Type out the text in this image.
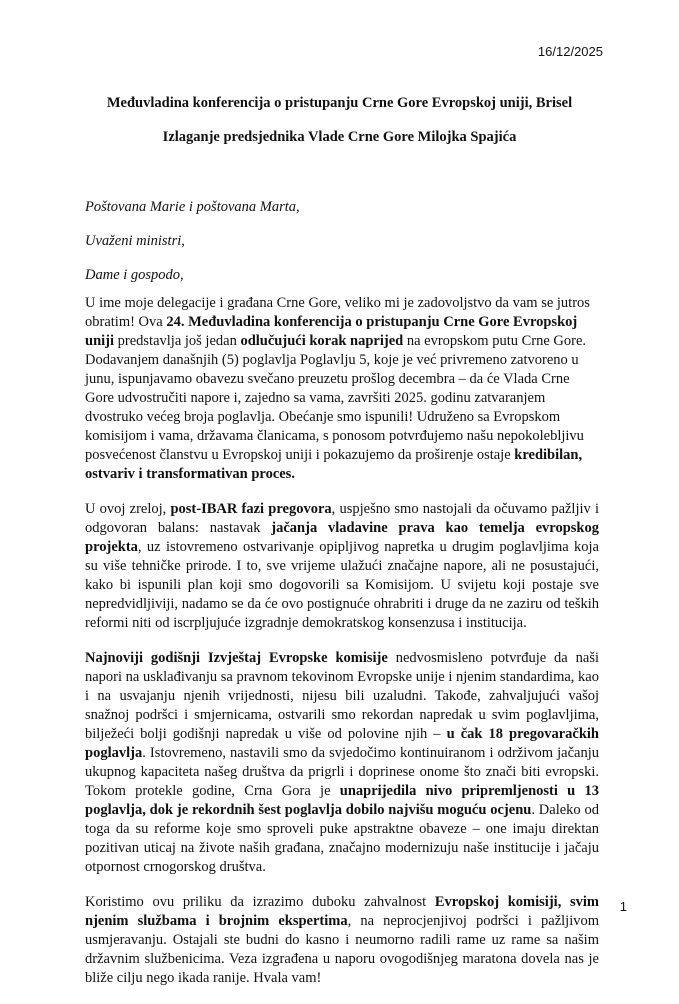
16/12/2025
Međuvladina konferencija o pristupanju Crne Gore Evropskoj uniji, Brisel
Izlaganje predsjednika Vlade Crne Gore Milojka Spajića
Poštovana Marie i poštovana Marta,
Uvaženi ministri,
Dame i gospodo,

U ime moje delegacije i građana Crne Gore, veliko mi je zadovoljstvo da vam se jutros obratim! Ova 24. Međuvladina konferencija o pristupanju Crne Gore Evropskoj uniji predstavlja još jedan odlučujući korak naprijed na evropskom putu Crne Gore. Dodavanjem današnjih (5) poglavlja Poglavlju 5, koje je već privremeno zatvoreno u junu, ispunjavamo obavezu svečano preuzetu prošlog decembra – da će Vlada Crne Gore udvostručiti napore i, zajedno sa vama, završiti 2025. godinu zatvaranjem dvostruko većeg broja poglavlja. Obećanje smo ispunili! Udruženo sa Evropskom komisijom i vama, državama članicama, s ponosom potvrđujemo našu nepokolebljivu posvećenost članstvu u Evropskoj uniji i pokazujemo da proširenje ostaje kredibilan, ostvariv i transformativan proces.

U ovoj zreloj, post-IBAR fazi pregovora, uspješno smo nastojali da očuvamo pažljiv i odgovoran balans: nastavak jačanja vladavine prava kao temelja evropskog projekta, uz istovremeno ostvarivanje opipljivog napretka u drugim poglavljima koja su više tehničke prirode. I to, sve vrijeme ulažući značajne napore, ali ne posustajući, kako bi ispunili plan koji smo dogovorili sa Komisijom. U svijetu koji postaje sve nepredvidljiviji, nadamo se da će ovo postignuće ohrabriti i druge da ne zaziru od teških reformi niti od iscrpljujuće izgradnje demokratskog konsenzusa i institucija.

Najnoviji godišnji Izvještaj Evropske komisije nedvosmisleno potvrđuje da naši napori na usklađivanju sa pravnom tekovinom Evropske unije i njenim standardima, kao i na usvajanju njenih vrijednosti, nijesu bili uzaludni. Takođe, zahvaljujući vašoj snažnoj podršci i smjernicama, ostvarili smo rekordan napredak u svim poglavljima, bilježeći bolji godišnji napredak u više od polovine njih – u čak 18 pregovaračkih poglavlja. Istovremeno, nastavili smo da svjedočimo kontinuiranom i održivom jačanju ukupnog kapaciteta našeg društva da prigrli i doprinese onome što znači biti evropski. Tokom protekle godine, Crna Gora je unaprijedila nivo pripremljenosti u 13 poglavlja, dok je rekordnih šest poglavlja dobilo najvišu moguću ocjenu. Daleko od toga da su reforme koje smo sproveli puke apstraktne obaveze – one imaju direktan pozitivan uticaj na živote naših građana, značajno modernizuju naše institucije i jačaju otpornost crnogorskog društva.

Koristimo ovu priliku da izrazimo duboku zahvalnost Evropskoj komisiji, svim njenim službama i brojnim ekspertima, na neprocjenjivoj podršci i pažljivom usmjeravanju. Ostajali ste budni do kasno i neumorno radili rame uz rame sa našim državnim službenicima. Veza izgrađena u naporu ovogodišnjeg maratona dovela nas je bliže cilju nego ikada ranije. Hvala vam!

1
